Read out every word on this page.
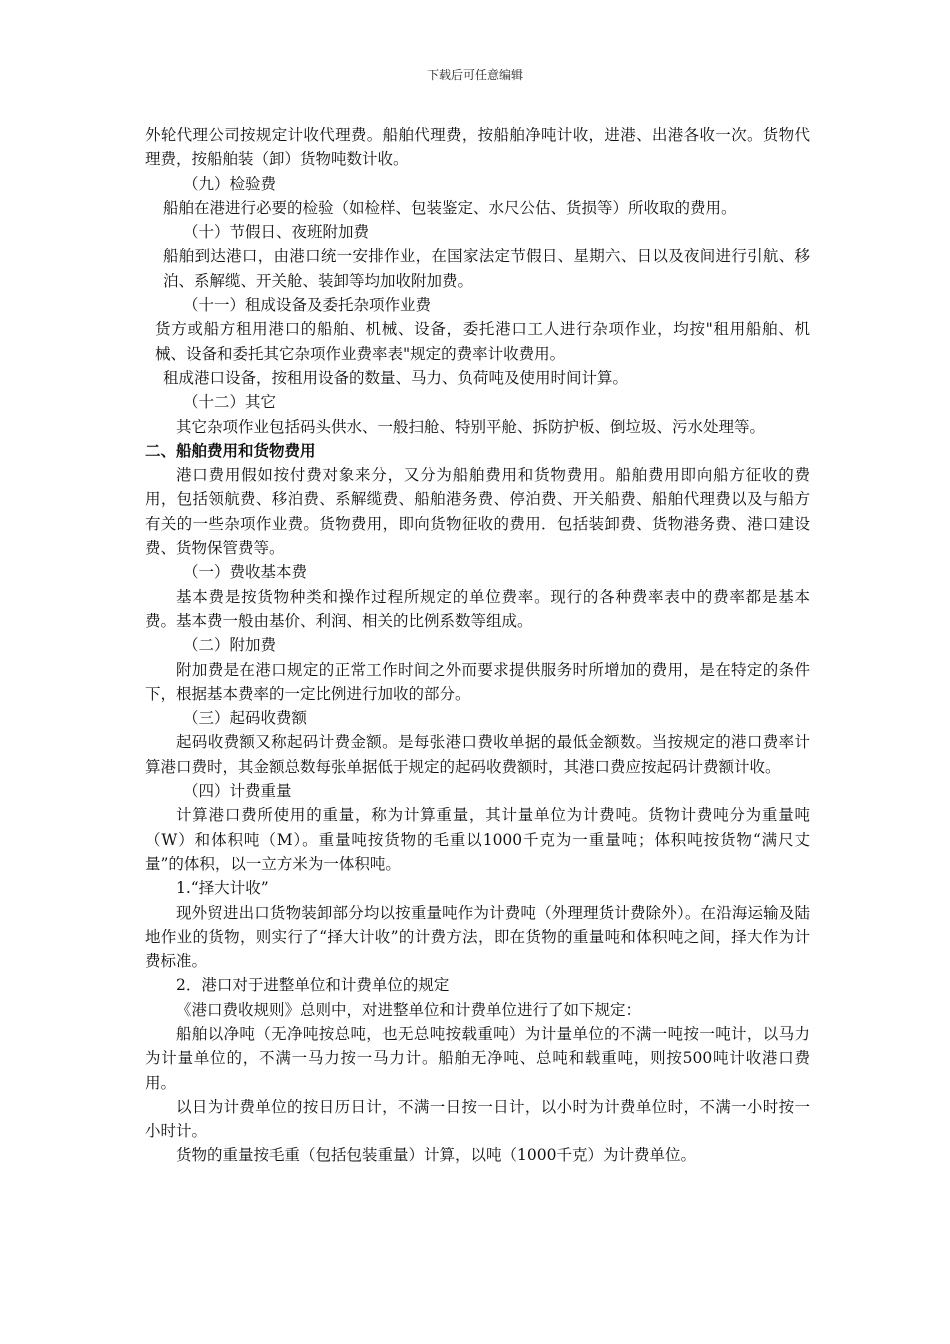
下载后可任意编辑

外轮代理公司按规定计收代理费。船舶代理费，按船舶净吨计收，进港、出港各收一次。货物代理费，按船舶装（卸）货物吨数计收。

（九）检验费

船舶在港进行必要的检验（如检样、包装鉴定、水尺公估、货损等）所收取的费用。

（十）节假日、夜班附加费

船舶到达港口，由港口统一安排作业，在国家法定节假日、星期六、日以及夜间进行引航、移泊、系解缆、开关舱、装卸等均加收附加费。

（十一）租成设备及委托杂项作业费

货方或船方租用港口的船舶、机械、设备，委托港口工人进行杂项作业，均按"租用船舶、机械、设备和委托其它杂项作业费率表"规定的费率计收费用。

租成港口设备，按租用设备的数量、马力、负荷吨及使用时间计算。

（十二）其它

其它杂项作业包括码头供水、一般扫舱、特别平舱、拆防护板、倒垃圾、污水处理等。

二、船舶费用和货物费用

港口费用假如按付费对象来分，又分为船舶费用和货物费用。船舶费用即向船方征收的费用，包括领航费、移泊费、系解缆费、船舶港务费、停泊费、开关船费、船舶代理费以及与船方有关的一些杂项作业费。货物费用，即向货物征收的费用．包括装卸费、货物港务费、港口建设费、货物保管费等。

（一）费收基本费

基本费是按货物种类和操作过程所规定的单位费率。现行的各种费率表中的费率都是基本费。基本费一般由基价、利润、相关的比例系数等组成。

（二）附加费

附加费是在港口规定的正常工作时间之外而要求提供服务时所增加的费用，是在特定的条件下，根据基本费率的一定比例进行加收的部分。

（三）起码收费额

起码收费额又称起码计费金额。是每张港口费收单据的最低金额数。当按规定的港口费率计算港口费时，其金额总数每张单据低于规定的起码收费额时，其港口费应按起码计费额计收。

（四）计费重量

计算港口费所使用的重量，称为计算重量，其计量单位为计费吨。货物计费吨分为重量吨（W）和体积吨（M）。重量吨按货物的毛重以1000千克为一重量吨；体积吨按货物“满尺丈量”的体积，以一立方米为一体积吨。

1.“择大计收”

现外贸进出口货物装卸部分均以按重量吨作为计费吨（外理理货计费除外）。在沿海运输及陆地作业的货物，则实行了“择大计收”的计费方法，即在货物的重量吨和体积吨之间，择大作为计费标准。

2．港口对于进整单位和计费单位的规定

《港口费收规则》总则中，对进整单位和计费单位进行了如下规定：

船舶以净吨（无净吨按总吨，也无总吨按载重吨）为计量单位的不满一吨按一吨计，以马力为计量单位的，不满一马力按一马力计。船舶无净吨、总吨和载重吨，则按500吨计收港口费用。

以日为计费单位的按日历日计，不满一日按一日计，以小时为计费单位时，不满一小时按一小时计。

货物的重量按毛重（包括包装重量）计算，以吨（1000千克）为计费单位。
